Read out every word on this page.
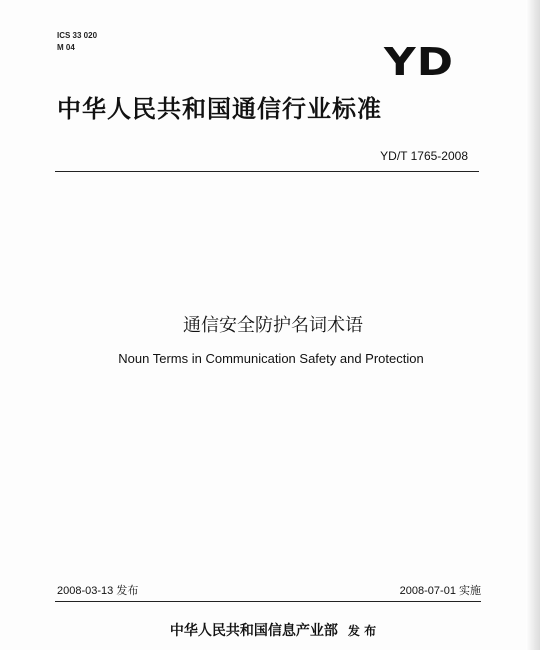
ICS 33 020
M 04	YD
中华人民共和国通信行业标准
YD/T 1765-2008
通信安全防护名词术语
Noun Terms in Communication Safety and Protection
2008-03-13 发布	2008-07-01 实施
中华人民共和国信息产业部 发 布
